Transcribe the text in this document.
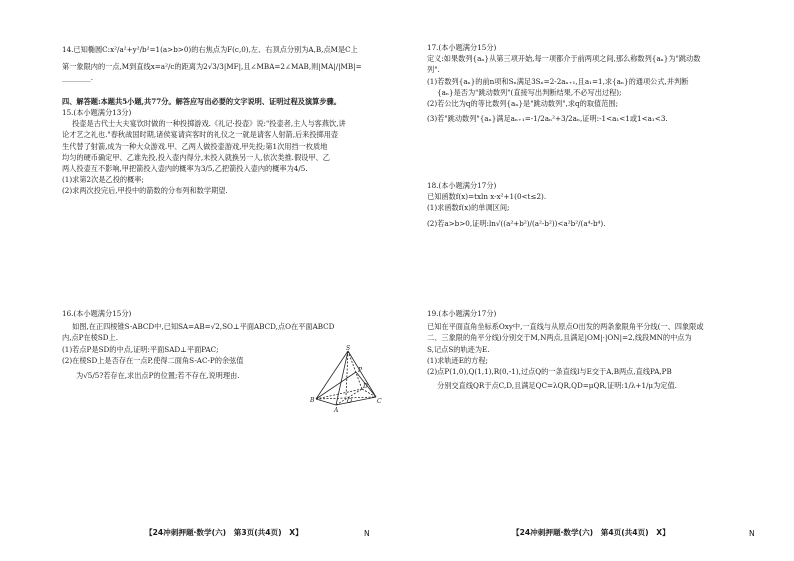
14.已知椭圆C:x²/a²+y²/b²=1(a>b>0)的右焦点为F(c,0),左、右顶点分别为A,B,点M是C上

第一象限内的一点,M到直线x=a²/c的距离为2√3/3|MF|,且∠MBA=2∠MAB,则|MA|/|MB|=

________.

四、解答题:本题共5小题,共77分。解答应写出必要的文字说明、证明过程及演算步骤。

15.(本小题满分13分)

投壶是古代士大夫宴饮时做的一种投掷游戏.《礼记·投壶》说:"投壶者,主人与客燕饮,讲

论才艺之礼也."春秋战国时期,诸侯宴请宾客时的礼仪之一就是请客人射箭,后来投掷用壶

生代替了射箭,成为一种大众游戏.甲、乙两人做投壶游戏,甲先投;第1次用挡一枚质地

均匀的硬币确定甲、乙谁先投,投入壶内得分,未投入就换另一人,依次类推.假设甲、乙

两人投壶互不影响,甲把箭投入壶内的概率为3/5,乙把箭投入壶内的概率为4/5.

(1)求第2次是乙投的概率;

(2)求两次投完后,甲投中的箭数的分布列和数学期望.

16.(本小题满分15分)

如图,在正四棱锥S-ABCD中,已知SA=AB=√2,SO⊥平面ABCD,点O在平面ABCD

内,点P在棱SD上.

(1)若点P是SD的中点,证明:平面SAD⊥平面PAC;

(2)在棱SD上是否存在一点P,使得二面角S-AC-P的余弦值

为√5/5?若存在,求出点P的位置;若不存在,说明理由.

S
P
B
A
C
D
O
【24冲刺押题·数学(六)　第3页(共4页)　X】	N

17.(本小题满分15分)

定义:如果数列{aₙ}从第三项开始,每一项都介于前两项之间,那么称数列{aₙ}为"跳动数

列".

(1)若数列{aₙ}的前n项和Sₙ满足3Sₙ=2-2aₙ₊₁,且a₁=1,求{aₙ}的通项公式,并判断

{aₙ}是否为"跳动数列"(直接写出判断结果,不必写出过程);

(2)若公比为q的等比数列{aₙ}是"跳动数列",求q的取值范围;

(3)若"跳动数列"{aₙ}满足aₙ₊₁=-1/2aₙ²+3/2aₙ,证明:-1<a₁<1或1<a₁<3.

18.(本小题满分17分)

已知函数f(x)=txln x-x²+1(0<t≤2).

(1)求函数f(x)的单调区间;

(2)若a>b>0,证明:ln√((a²+b²)/(a²-b²))<a²b²/(a⁴-b⁴).

19.(本小题满分17分)

已知在平面直角坐标系Oxy中,一直线与从原点O出发的两条象限角平分线(一、四象限或

二、三象限的角平分线)分别交于M,N两点,且满足|OM|·|ON|=2,线段MN的中点为

S,记点S的轨迹为E.

(1)求轨迹E的方程;

(2)点P(1,0),Q(1,1),R(0,-1),过点Q的一条直线l与E交于A,B两点,直线PA,PB

分别交直线QR于点C,D,且满足QC=λQR,QD=μQR,证明:1/λ+1/μ为定值.

【24冲刺押题·数学(六)　第4页(共4页)　X】	N
